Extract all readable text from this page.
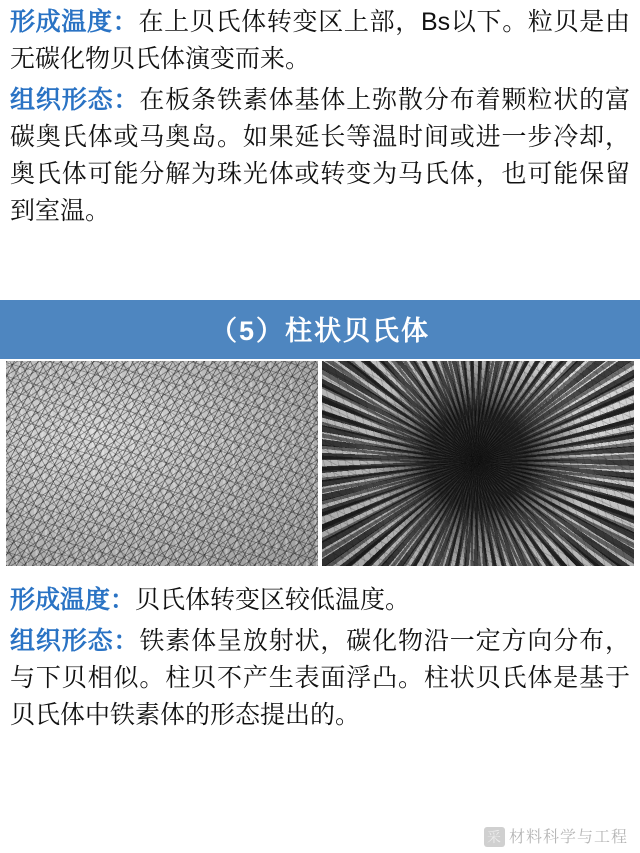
形成温度：在上贝氏体转变区上部，Bs以下。粒贝是由无碳化物贝氏体演变而来。

组织形态：在板条铁素体基体上弥散分布着颗粒状的富碳奥氏体或马奥岛。如果延长等温时间或进一步冷却，奥氏体可能分解为珠光体或转变为马氏体，也可能保留到室温。

（5）柱状贝氏体

形成温度：贝氏体转变区较低温度。

组织形态：铁素体呈放射状，碳化物沿一定方向分布，与下贝相似。柱贝不产生表面浮凸。柱状贝氏体是基于贝氏体中铁素体的形态提出的。

采 材料科学与工程
